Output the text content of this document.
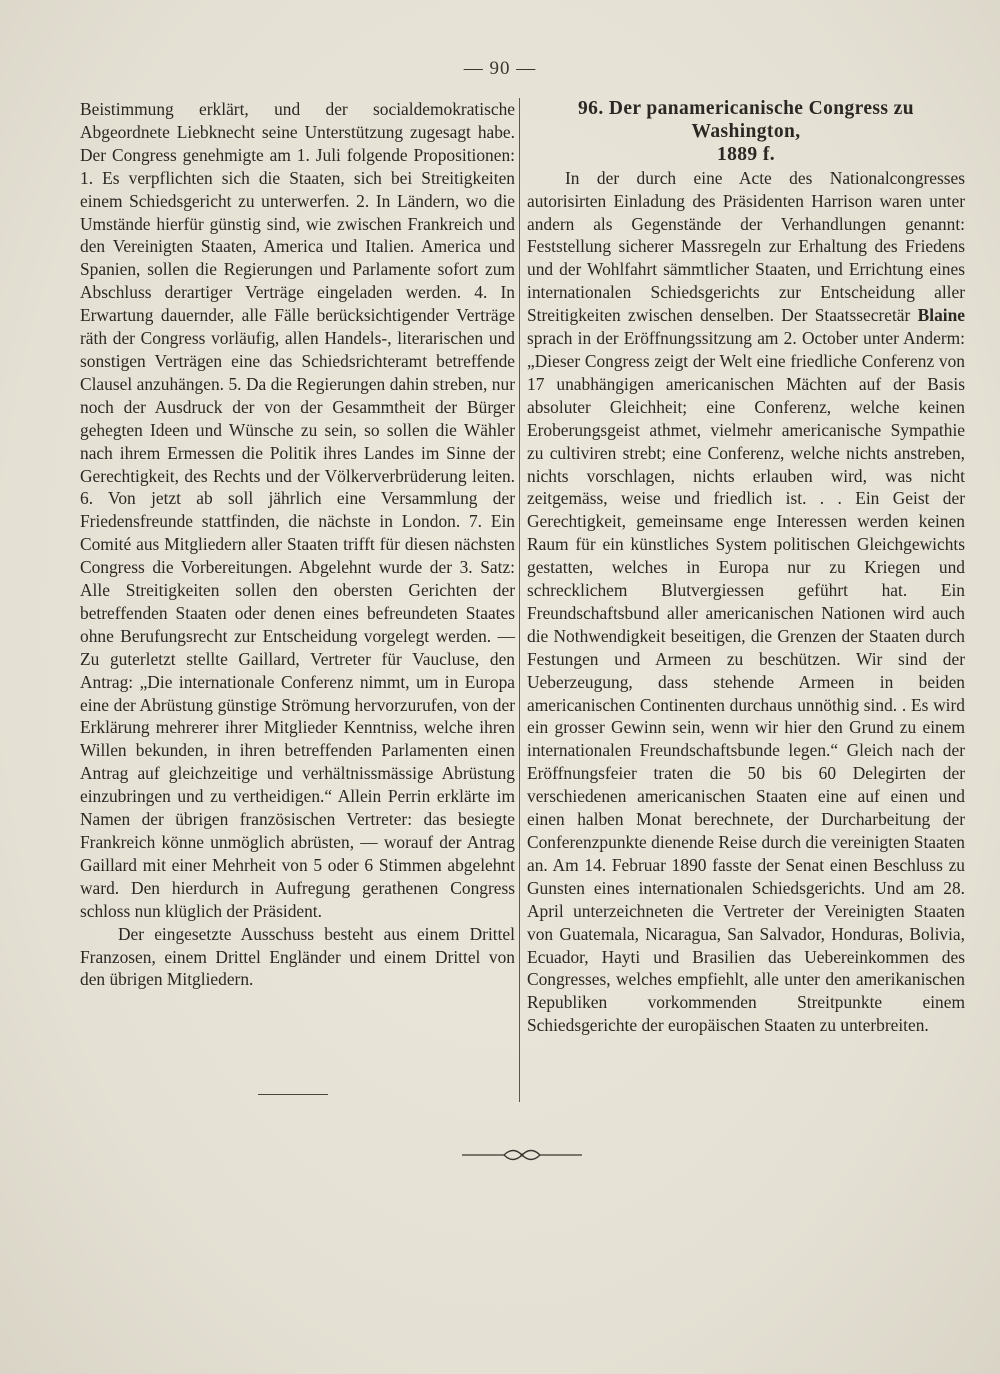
— 90 —

Beistimmung erklärt, und der socialdemokratische Abgeordnete Liebknecht seine Unterstützung zugesagt habe. Der Congress genehmigte am 1. Juli folgende Propositionen: 1. Es verpflichten sich die Staaten, sich bei Streitigkeiten einem Schiedsgericht zu unterwerfen. 2. In Ländern, wo die Umstände hierfür günstig sind, wie zwischen Frankreich und den Vereinigten Staaten, America und Italien. America und Spanien, sollen die Regierungen und Parlamente sofort zum Abschluss derartiger Verträge eingeladen werden. 4. In Erwartung dauernder, alle Fälle berücksichtigender Verträge räth der Congress vorläufig, allen Handels-, literarischen und sonstigen Verträgen eine das Schiedsrichteramt betreffende Clausel anzuhängen. 5. Da die Regierungen dahin streben, nur noch der Ausdruck der von der Gesammtheit der Bürger gehegten Ideen und Wünsche zu sein, so sollen die Wähler nach ihrem Ermessen die Politik ihres Landes im Sinne der Gerechtigkeit, des Rechts und der Völkerverbrüderung leiten. 6. Von jetzt ab soll jährlich eine Versammlung der Friedensfreunde stattfinden, die nächste in London. 7. Ein Comité aus Mitgliedern aller Staaten trifft für diesen nächsten Congress die Vorbereitungen. Abgelehnt wurde der 3. Satz: Alle Streitigkeiten sollen den obersten Gerichten der betreffenden Staaten oder denen eines befreundeten Staates ohne Berufungsrecht zur Entscheidung vorgelegt werden. — Zu guterletzt stellte Gaillard, Vertreter für Vaucluse, den Antrag: „Die internationale Conferenz nimmt, um in Europa eine der Abrüstung günstige Strömung hervorzurufen, von der Erklärung mehrerer ihrer Mitglieder Kenntniss, welche ihren Willen bekunden, in ihren betreffenden Parlamenten einen Antrag auf gleichzeitige und verhältnissmässige Abrüstung einzubringen und zu vertheidigen.“ Allein Perrin erklärte im Namen der übrigen französischen Vertreter: das besiegte Frankreich könne unmöglich abrüsten, — worauf der Antrag Gaillard mit einer Mehrheit von 5 oder 6 Stimmen abgelehnt ward. Den hierdurch in Aufregung gerathenen Congress schloss nun klüglich der Präsident.

Der eingesetzte Ausschuss besteht aus einem Drittel Franzosen, einem Drittel Engländer und einem Drittel von den übrigen Mitgliedern.

96. Der panamericanische Congress zu Washington,
1889 f.

In der durch eine Acte des Nationalcongresses autorisirten Einladung des Präsidenten Harrison waren unter andern als Gegenstände der Verhandlungen genannt: Feststellung sicherer Massregeln zur Erhaltung des Friedens und der Wohlfahrt sämmtlicher Staaten, und Errichtung eines internationalen Schiedsgerichts zur Entscheidung aller Streitigkeiten zwischen denselben. Der Staatssecretär Blaine sprach in der Eröffnungssitzung am 2. October unter Anderm: „Dieser Congress zeigt der Welt eine friedliche Conferenz von 17 unabhängigen americanischen Mächten auf der Basis absoluter Gleichheit; eine Conferenz, welche keinen Eroberungsgeist athmet, vielmehr americanische Sympathie zu cultiviren strebt; eine Conferenz, welche nichts anstreben, nichts vorschlagen, nichts erlauben wird, was nicht zeitgemäss, weise und friedlich ist. . . Ein Geist der Gerechtigkeit, gemeinsame enge Interessen werden keinen Raum für ein künstliches System politischen Gleichgewichts gestatten, welches in Europa nur zu Kriegen und schrecklichem Blutvergiessen geführt hat. Ein Freundschaftsbund aller americanischen Nationen wird auch die Nothwendigkeit beseitigen, die Grenzen der Staaten durch Festungen und Armeen zu beschützen. Wir sind der Ueberzeugung, dass stehende Armeen in beiden americanischen Continenten durchaus unnöthig sind. . Es wird ein grosser Gewinn sein, wenn wir hier den Grund zu einem internationalen Freundschaftsbunde legen.“ Gleich nach der Eröffnungsfeier traten die 50 bis 60 Delegirten der verschiedenen americanischen Staaten eine auf einen und einen halben Monat berechnete, der Durcharbeitung der Conferenzpunkte dienende Reise durch die vereinigten Staaten an. Am 14. Februar 1890 fasste der Senat einen Beschluss zu Gunsten eines internationalen Schiedsgerichts. Und am 28. April unterzeichneten die Vertreter der Vereinigten Staaten von Guatemala, Nicaragua, San Salvador, Honduras, Bolivia, Ecuador, Hayti und Brasilien das Uebereinkommen des Congresses, welches empfiehlt, alle unter den amerikanischen Republiken vorkommenden Streitpunkte einem Schiedsgerichte der europäischen Staaten zu unterbreiten.
